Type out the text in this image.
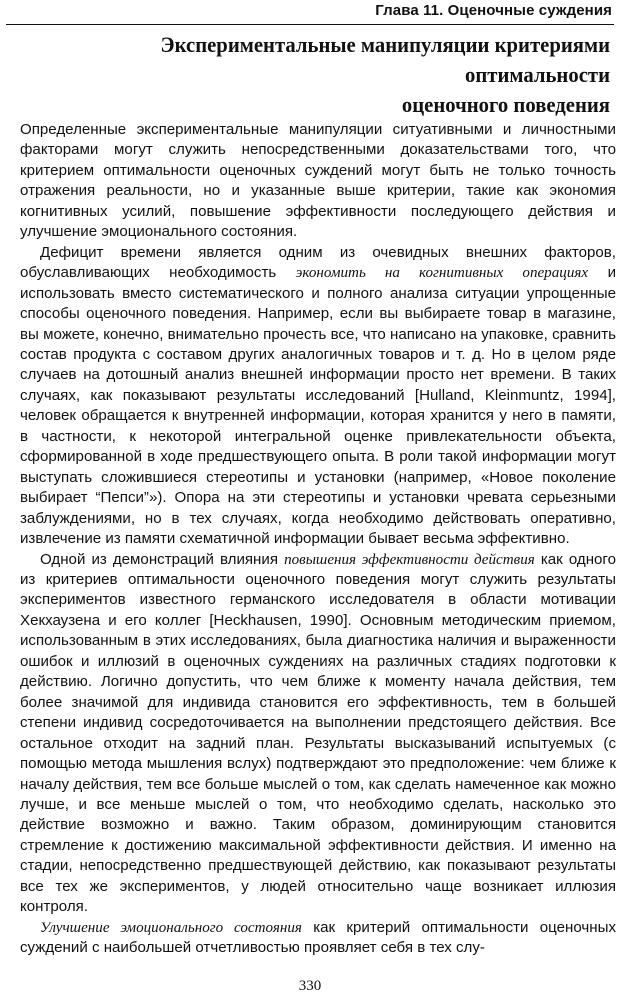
Глава 11. Оценочные суждения
Экспериментальные манипуляции критериями оптимальности
оценочного поведения

Определенные экспериментальные манипуляции ситуативными и личностными факторами могут служить непосредственными доказательствами того, что критерием оптимальности оценочных суждений могут быть не только точность отражения реальности, но и указанные выше критерии, такие как экономия когнитивных усилий, повышение эффективности последующего действия и улучшение эмоционального состояния.

Дефицит времени является одним из очевидных внешних факторов, обуславливающих необходимость экономить на когнитивных операциях и использовать вместо систематического и полного анализа ситуации упрощенные способы оценочного поведения. Например, если вы выбираете товар в магазине, вы можете, конечно, внимательно прочесть все, что написано на упаковке, сравнить состав продукта с составом других аналогичных товаров и т. д. Но в целом ряде случаев на дотошный анализ внешней информации просто нет времени. В таких случаях, как показывают результаты исследований [Hulland, Kleinmuntz, 1994], человек обращается к внутренней информации, которая хранится у него в памяти, в частности, к некоторой интегральной оценке привлекательности объекта, сформированной в ходе предшествующего опыта. В роли такой информации могут выступать сложившиеся стереотипы и установки (например, «Новое поколение выбирает “Пепси”»). Опора на эти стереотипы и установки чревата серьезными заблуждениями, но в тех случаях, когда необходимо действовать оперативно, извлечение из памяти схематичной информации бывает весьма эффективно.

Одной из демонстраций влияния повышения эффективности действия как одного из критериев оптимальности оценочного поведения могут служить результаты экспериментов известного германского исследователя в области мотивации Хекхаузена и его коллег [Heckhausen, 1990]. Основным методическим приемом, использованным в этих исследованиях, была диагностика наличия и выраженности ошибок и иллюзий в оценочных суждениях на различных стадиях подготовки к действию. Логично допустить, что чем ближе к моменту начала действия, тем более значимой для индивида становится его эффективность, тем в большей степени индивид сосредоточивается на выполнении предстоящего действия. Все остальное отходит на задний план. Результаты высказываний испытуемых (с помощью метода мышления вслух) подтверждают это предположение: чем ближе к началу действия, тем все больше мыслей о том, как сделать намеченное как можно лучше, и все меньше мыслей о том, что необходимо сделать, насколько это действие возможно и важно. Таким образом, доминирующим становится стремление к достижению максимальной эффективности действия. И именно на стадии, непосредственно предшествующей действию, как показывают результаты все тех же экспериментов, у людей относительно чаще возникает иллюзия контроля.

Улучшение эмоционального состояния как критерий оптимальности оценочных суждений с наибольшей отчетливостью проявляет себя в тех слу-

330
